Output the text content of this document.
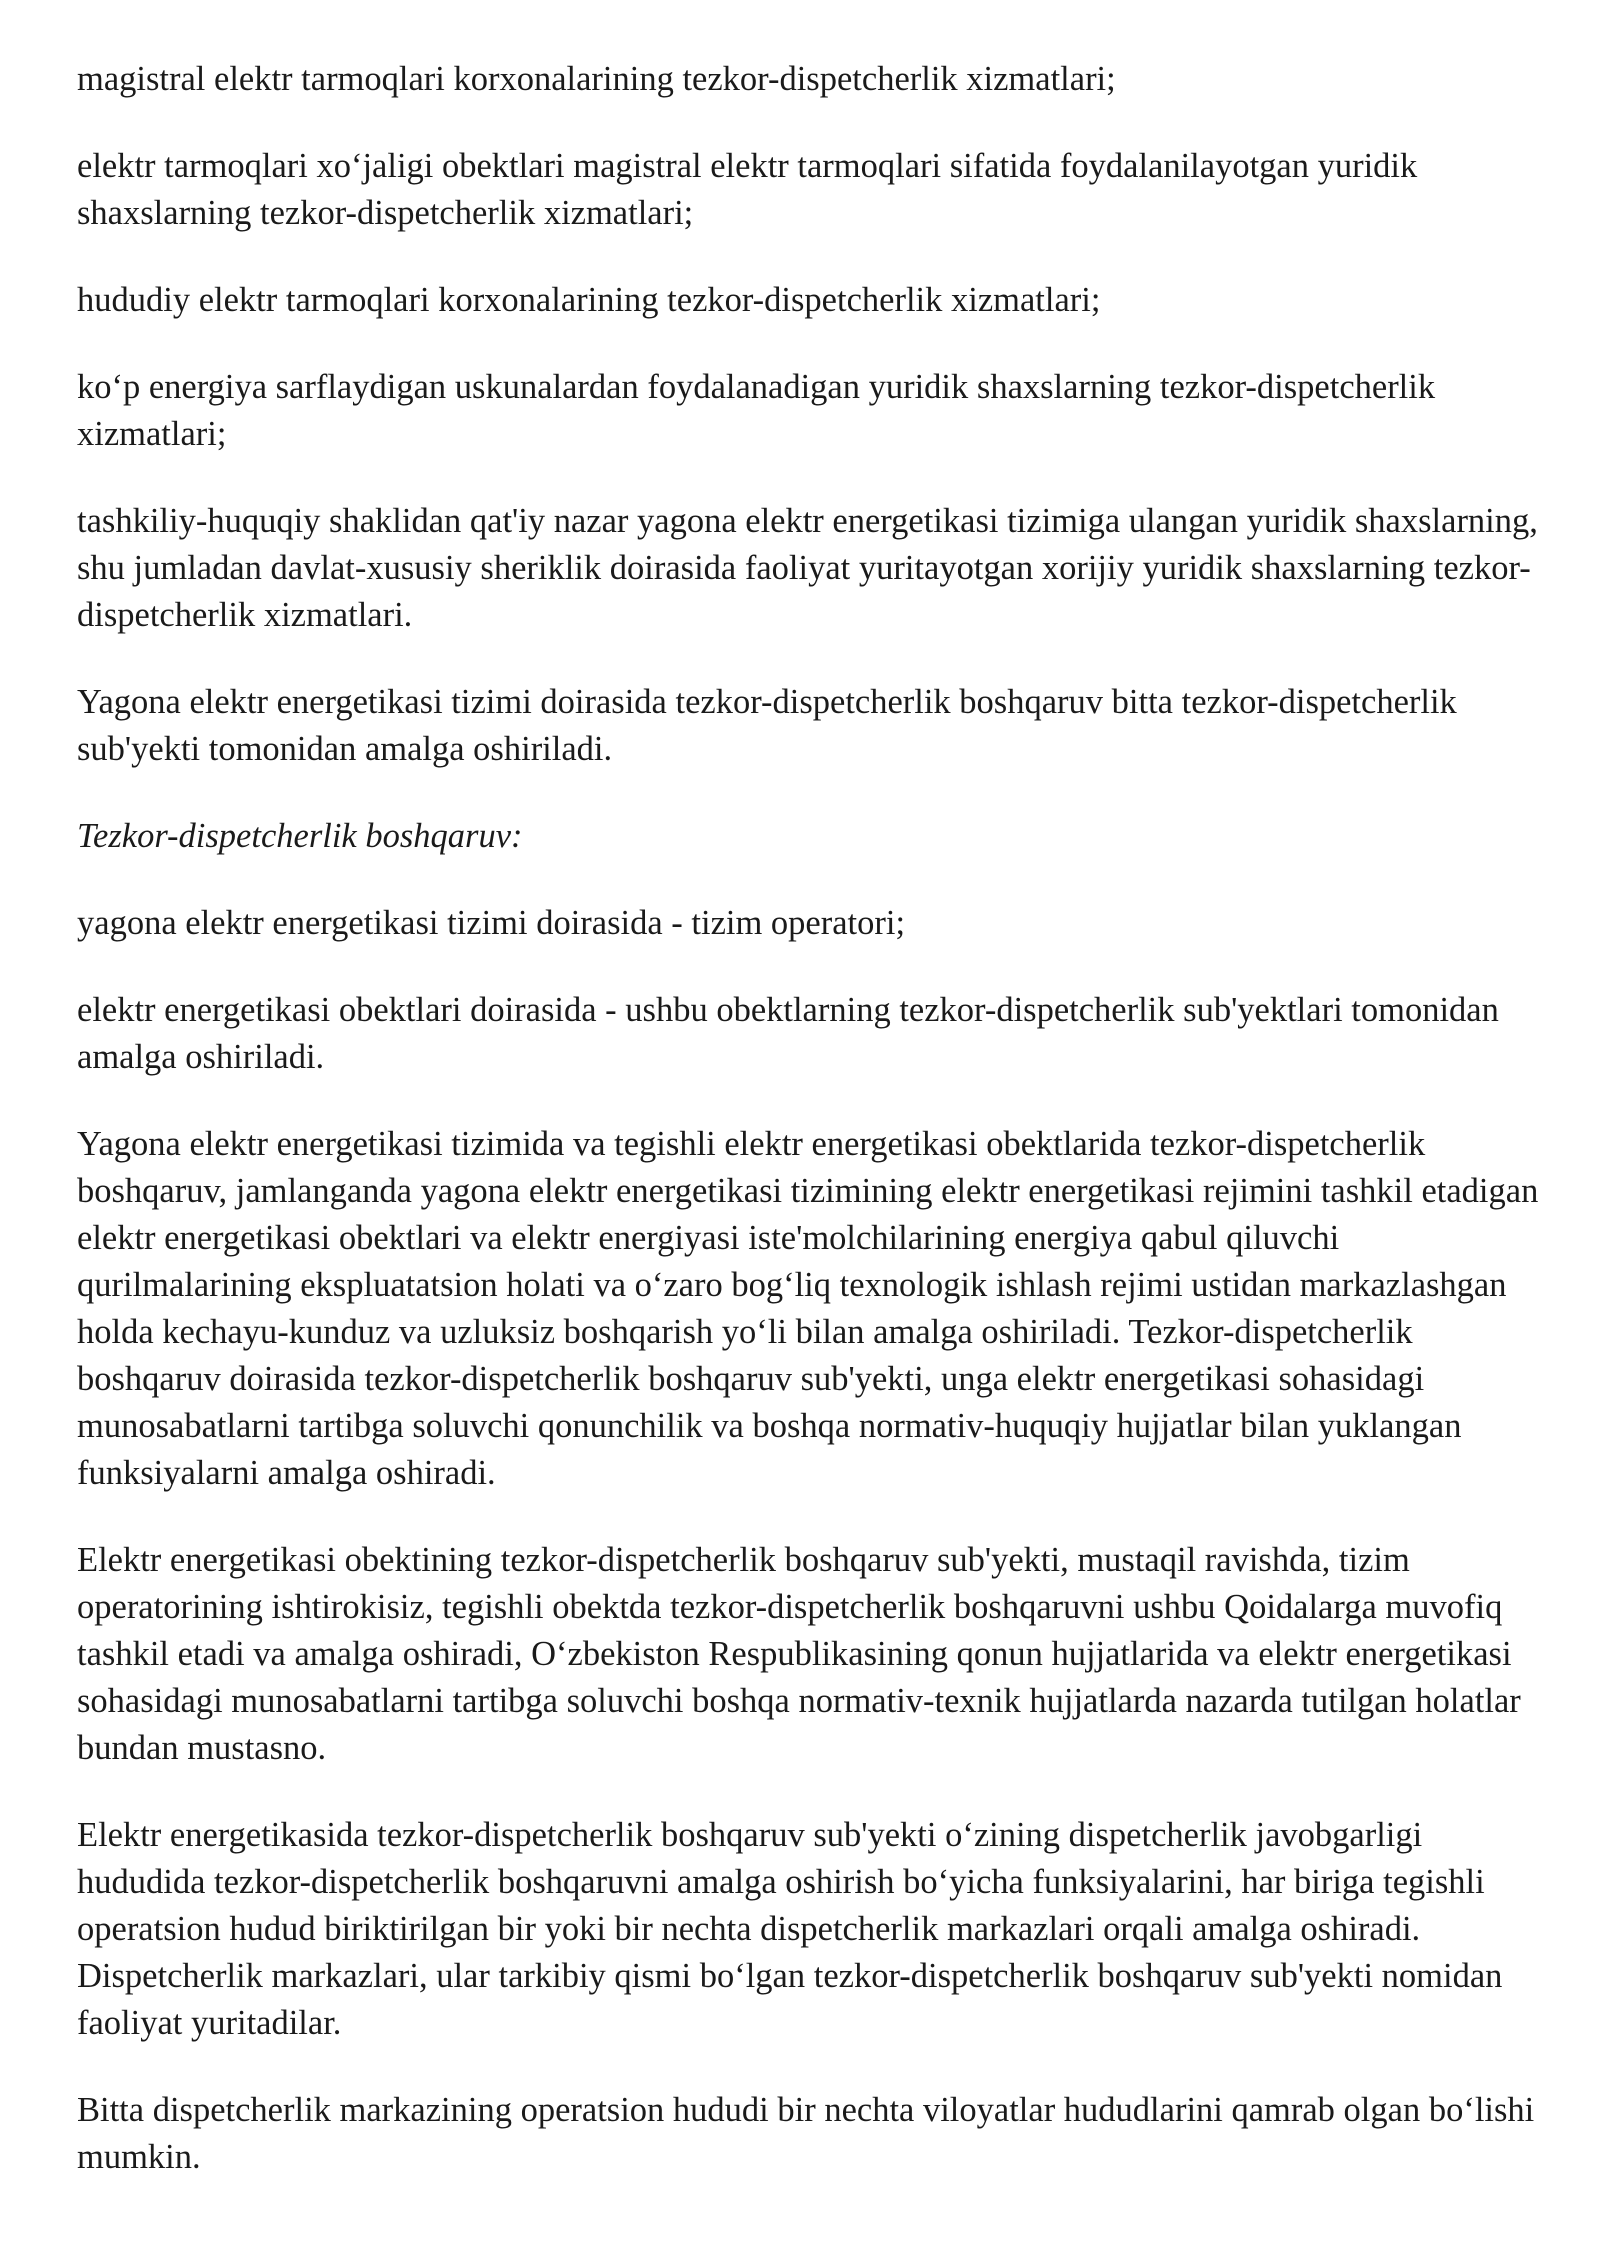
magistral elektr tarmoqlari korxonalarining tezkor-dispetcherlik xizmatlari;

elektr tarmoqlari xo‘jaligi obektlari magistral elektr tarmoqlari sifatida foydalanilayotgan yuridik shaxslarning tezkor-dispetcherlik xizmatlari;

hududiy elektr tarmoqlari korxonalarining tezkor-dispetcherlik xizmatlari;

ko‘p energiya sarflaydigan uskunalardan foydalanadigan yuridik shaxslarning tezkor-dispetcherlik xizmatlari;

tashkiliy-huquqiy shaklidan qat'iy nazar yagona elektr energetikasi tizimiga ulangan yuridik shaxslarning, shu jumladan davlat-xususiy sheriklik doirasida faoliyat yuritayotgan xorijiy yuridik shaxslarning tezkor-dispetcherlik xizmatlari.

Yagona elektr energetikasi tizimi doirasida tezkor-dispetcherlik boshqaruv bitta tezkor-dispetcherlik sub'yekti tomonidan amalga oshiriladi.

Tezkor-dispetcherlik boshqaruv:

yagona elektr energetikasi tizimi doirasida - tizim operatori;

elektr energetikasi obektlari doirasida - ushbu obektlarning tezkor-dispetcherlik sub'yektlari tomonidan amalga oshiriladi.

Yagona elektr energetikasi tizimida va tegishli elektr energetikasi obektlarida tezkor-dispetcherlik boshqaruv, jamlanganda yagona elektr energetikasi tizimining elektr energetikasi rejimini tashkil etadigan elektr energetikasi obektlari va elektr energiyasi iste'molchilarining energiya qabul qiluvchi qurilmalarining ekspluatatsion holati va o‘zaro bog‘liq texnologik ishlash rejimi ustidan markazlashgan holda kechayu-kunduz va uzluksiz boshqarish yo‘li bilan amalga oshiriladi. Tezkor-dispetcherlik boshqaruv doirasida tezkor-dispetcherlik boshqaruv sub'yekti, unga elektr energetikasi sohasidagi munosabatlarni tartibga soluvchi qonunchilik va boshqa normativ-huquqiy hujjatlar bilan yuklangan funksiyalarni amalga oshiradi.

Elektr energetikasi obektining tezkor-dispetcherlik boshqaruv sub'yekti, mustaqil ravishda, tizim operatorining ishtirokisiz, tegishli obektda tezkor-dispetcherlik boshqaruvni ushbu Qoidalarga muvofiq tashkil etadi va amalga oshiradi, O‘zbekiston Respublikasining qonun hujjatlarida va elektr energetikasi sohasidagi munosabatlarni tartibga soluvchi boshqa normativ-texnik hujjatlarda nazarda tutilgan holatlar bundan mustasno.

Elektr energetikasida tezkor-dispetcherlik boshqaruv sub'yekti o‘zining dispetcherlik javobgarligi hududida tezkor-dispetcherlik boshqaruvni amalga oshirish bo‘yicha funksiyalarini, har biriga tegishli operatsion hudud biriktirilgan bir yoki bir nechta dispetcherlik markazlari orqali amalga oshiradi. Dispetcherlik markazlari, ular tarkibiy qismi bo‘lgan tezkor-dispetcherlik boshqaruv sub'yekti nomidan faoliyat yuritadilar.

Bitta dispetcherlik markazining operatsion hududi bir nechta viloyatlar hududlarini qamrab olgan bo‘lishi mumkin.
